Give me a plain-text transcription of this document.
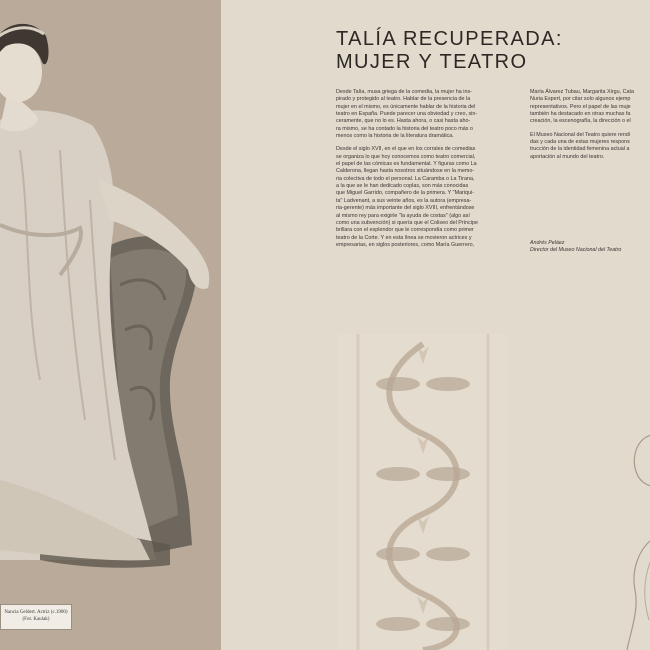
Nancia Geldert. Actriz (c.1900)
(Fot. Kaulak)
TALÍA RECUPERADA:
MUJER Y TEATRO

Desde Talía, musa griega de la comedia, la mujer ha ins-
pirado y protegido al teatro. Hablar de la presencia de la
mujer en el mismo, es únicamente hablar de la historia del
teatro en España. Puede parecer una obviedad y creo, sin-
ceramente, que no lo es. Hasta ahora, o casi hasta aho-
ra mismo, se ha contado la historia del teatro poco más o
menos como la historia de la literatura dramática.

Desde el siglo XVII, en el que en los corrales de comedias
se organiza lo que hoy conocemos como teatro comercial,
el papel de las cómicas es fundamental. Y figuras como La
Calderona, llegan hasta nosotros situándose en la memo-
ria colectiva de todo el personal. La Caramba o La Tirana,
a la que se le han dedicado coplas, son más conocidas
que Miguel Garrido, compañero de la primera. Y "Mariqui-
ta" Ladvenant, a sus veinte años, es la autora (empresa-
ria-gerente) más importante del siglo XVIII, enfrentándose
al mismo rey para exigirle "la ayuda de costas" (algo así
como una subvención) si quería que el Coliseo del Príncipe
brillara con el esplendor que le correspondía como primer
teatro de la Corte. Y en esta línea se movieron actrices y
empresarias, en siglos posteriores, como María Guerrero,

María Álvarez Tubau, Margarita Xirgu, Cata
Nuria Espert, por citar solo algunos ejemp
representativos. Pero el papel de las muje
también ha destacado en otras muchas fa
creación, la escenografía, la dirección o el

El Museo Nacional del Teatro quiere rendi
das y cada una de estas mujeres respons
trucción de la identidad femenina actual a
aportación al mundo del teatro.

Andrés Peláez
Director del Museo Nacional del Teatro
